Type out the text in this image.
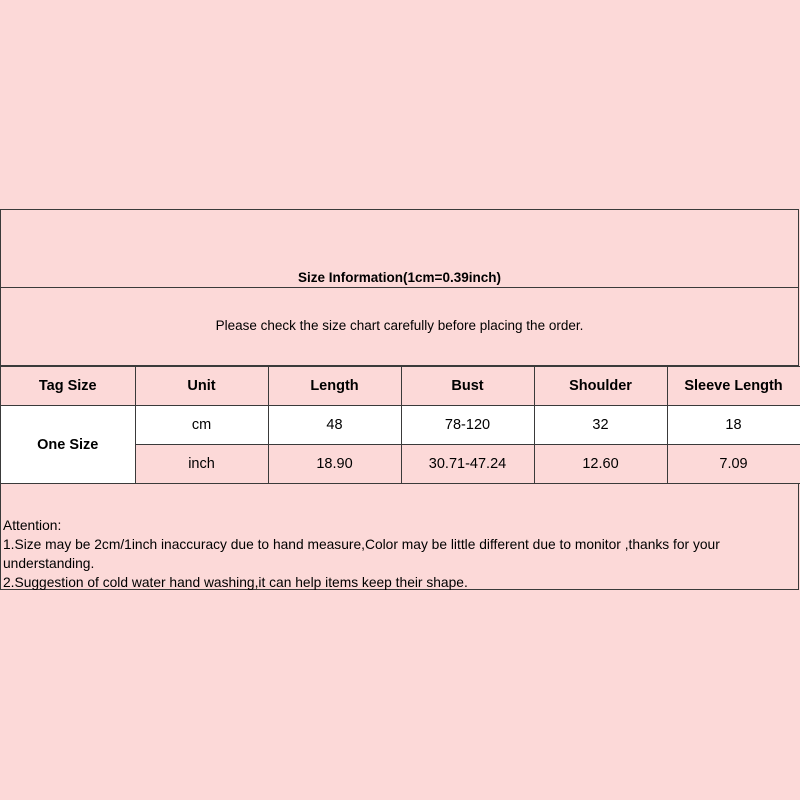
Size Information(1cm=0.39inch)
Please check the size chart carefully before placing the order.
Tag Size	Unit	Length	Bust	Shoulder	Sleeve Length
One Size	cm	48	78-120	32	18
	inch	18.90	30.71-47.24	12.60	7.09
Attention:
1.Size may be 2cm/1inch inaccuracy due to hand measure,Color may be little different due to monitor ,thanks for your understanding.
2.Suggestion of cold water hand washing,it can help items keep their shape.
